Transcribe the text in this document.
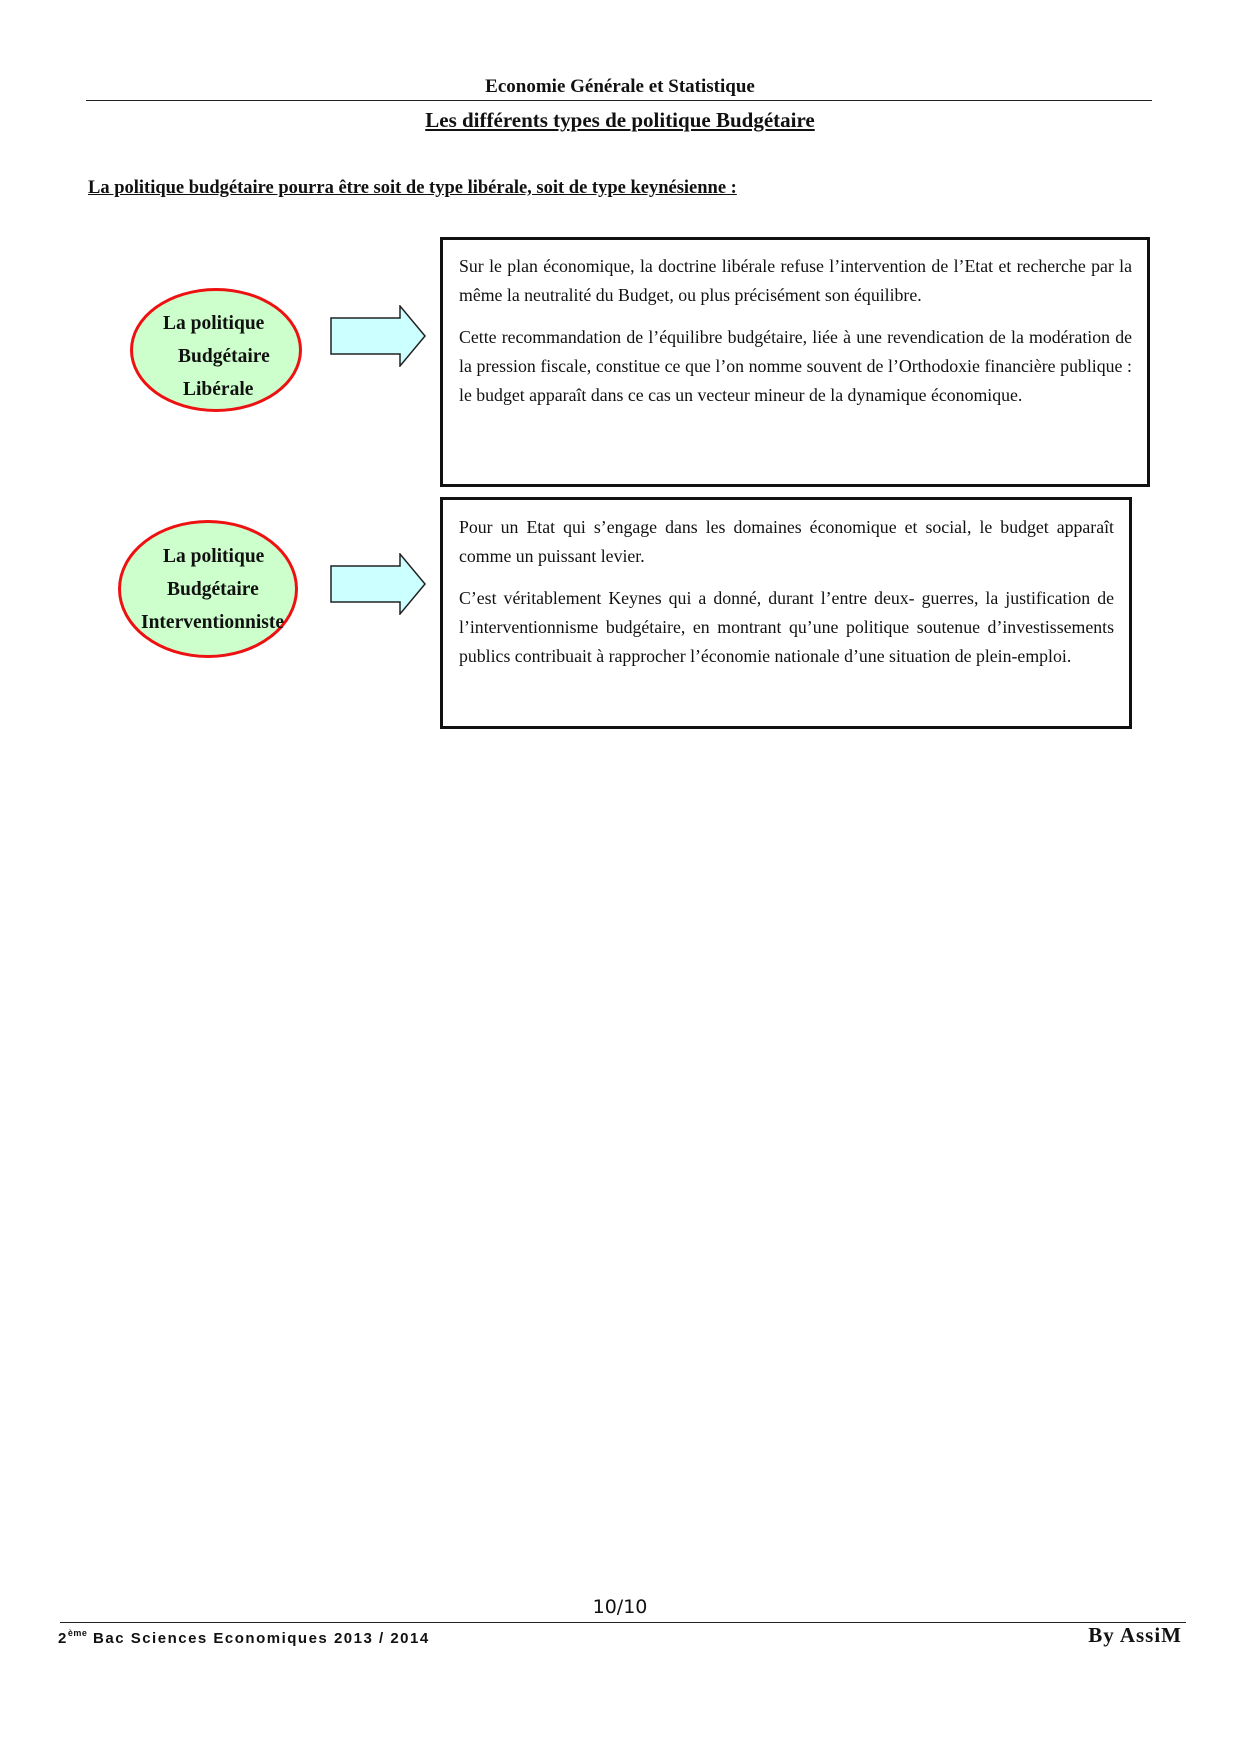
Economie Générale et Statistique
Les différents types de politique Budgétaire
La politique budgétaire pourra être soit de type libérale, soit de type keynésienne :
La politique
Budgétaire
Libérale

Sur le plan économique, la doctrine libérale refuse l’intervention de l’Etat et recherche par la même la neutralité du Budget, ou plus précisément son équilibre.

Cette recommandation de l’équilibre budgétaire, liée à une revendication de la modération de la pression fiscale, constitue ce que l’on nomme souvent de l’Orthodoxie financière publique : le budget apparaît dans ce cas un vecteur mineur de la dynamique économique.

La politique
Budgétaire
Interventionniste

Pour un Etat qui s’engage dans les domaines économique et social, le budget apparaît comme un puissant levier.

C’est véritablement Keynes qui a donné, durant l’entre deux- guerres, la justification de l’interventionnisme budgétaire, en montrant qu’une politique soutenue d’investissements publics contribuait à rapprocher l’économie nationale d’une situation de plein-emploi.

10/10
2ème Bac Sciences Economiques 2013 / 2014	By AssiM
